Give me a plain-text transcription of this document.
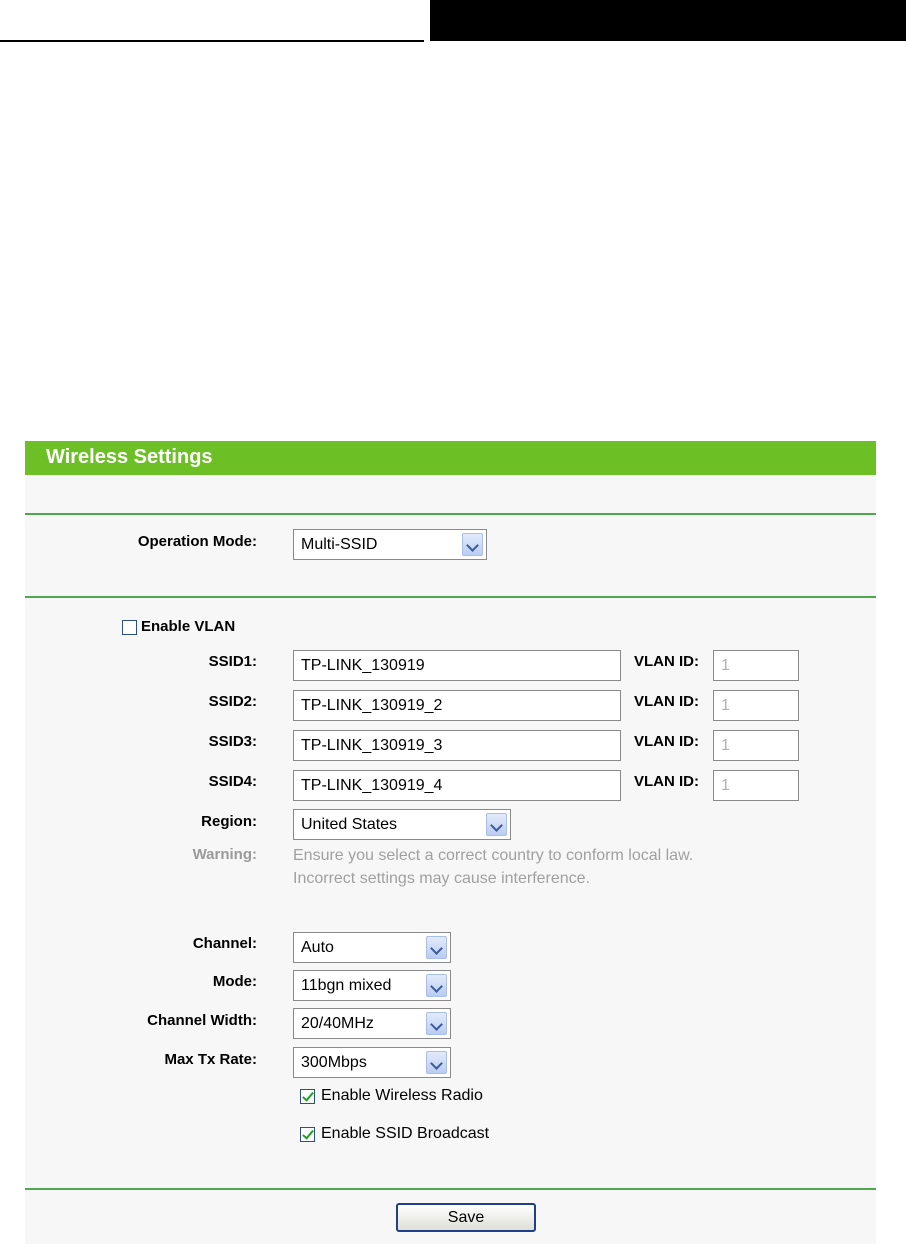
Wireless Settings
Operation Mode:	Multi-SSID
Enable VLAN
SSID1:	TP-LINK_130919	VLAN ID:	1
SSID2:	TP-LINK_130919_2	VLAN ID:	1
SSID3:	TP-LINK_130919_3	VLAN ID:	1
SSID4:	TP-LINK_130919_4	VLAN ID:	1
Region:	United States
Warning: Ensure you select a correct country to conform local law.
Incorrect settings may cause interference.
Channel:	Auto
Mode:	11bgn mixed
Channel Width:	20/40MHz
Max Tx Rate:	300Mbps
Enable Wireless Radio
Enable SSID Broadcast
Save
